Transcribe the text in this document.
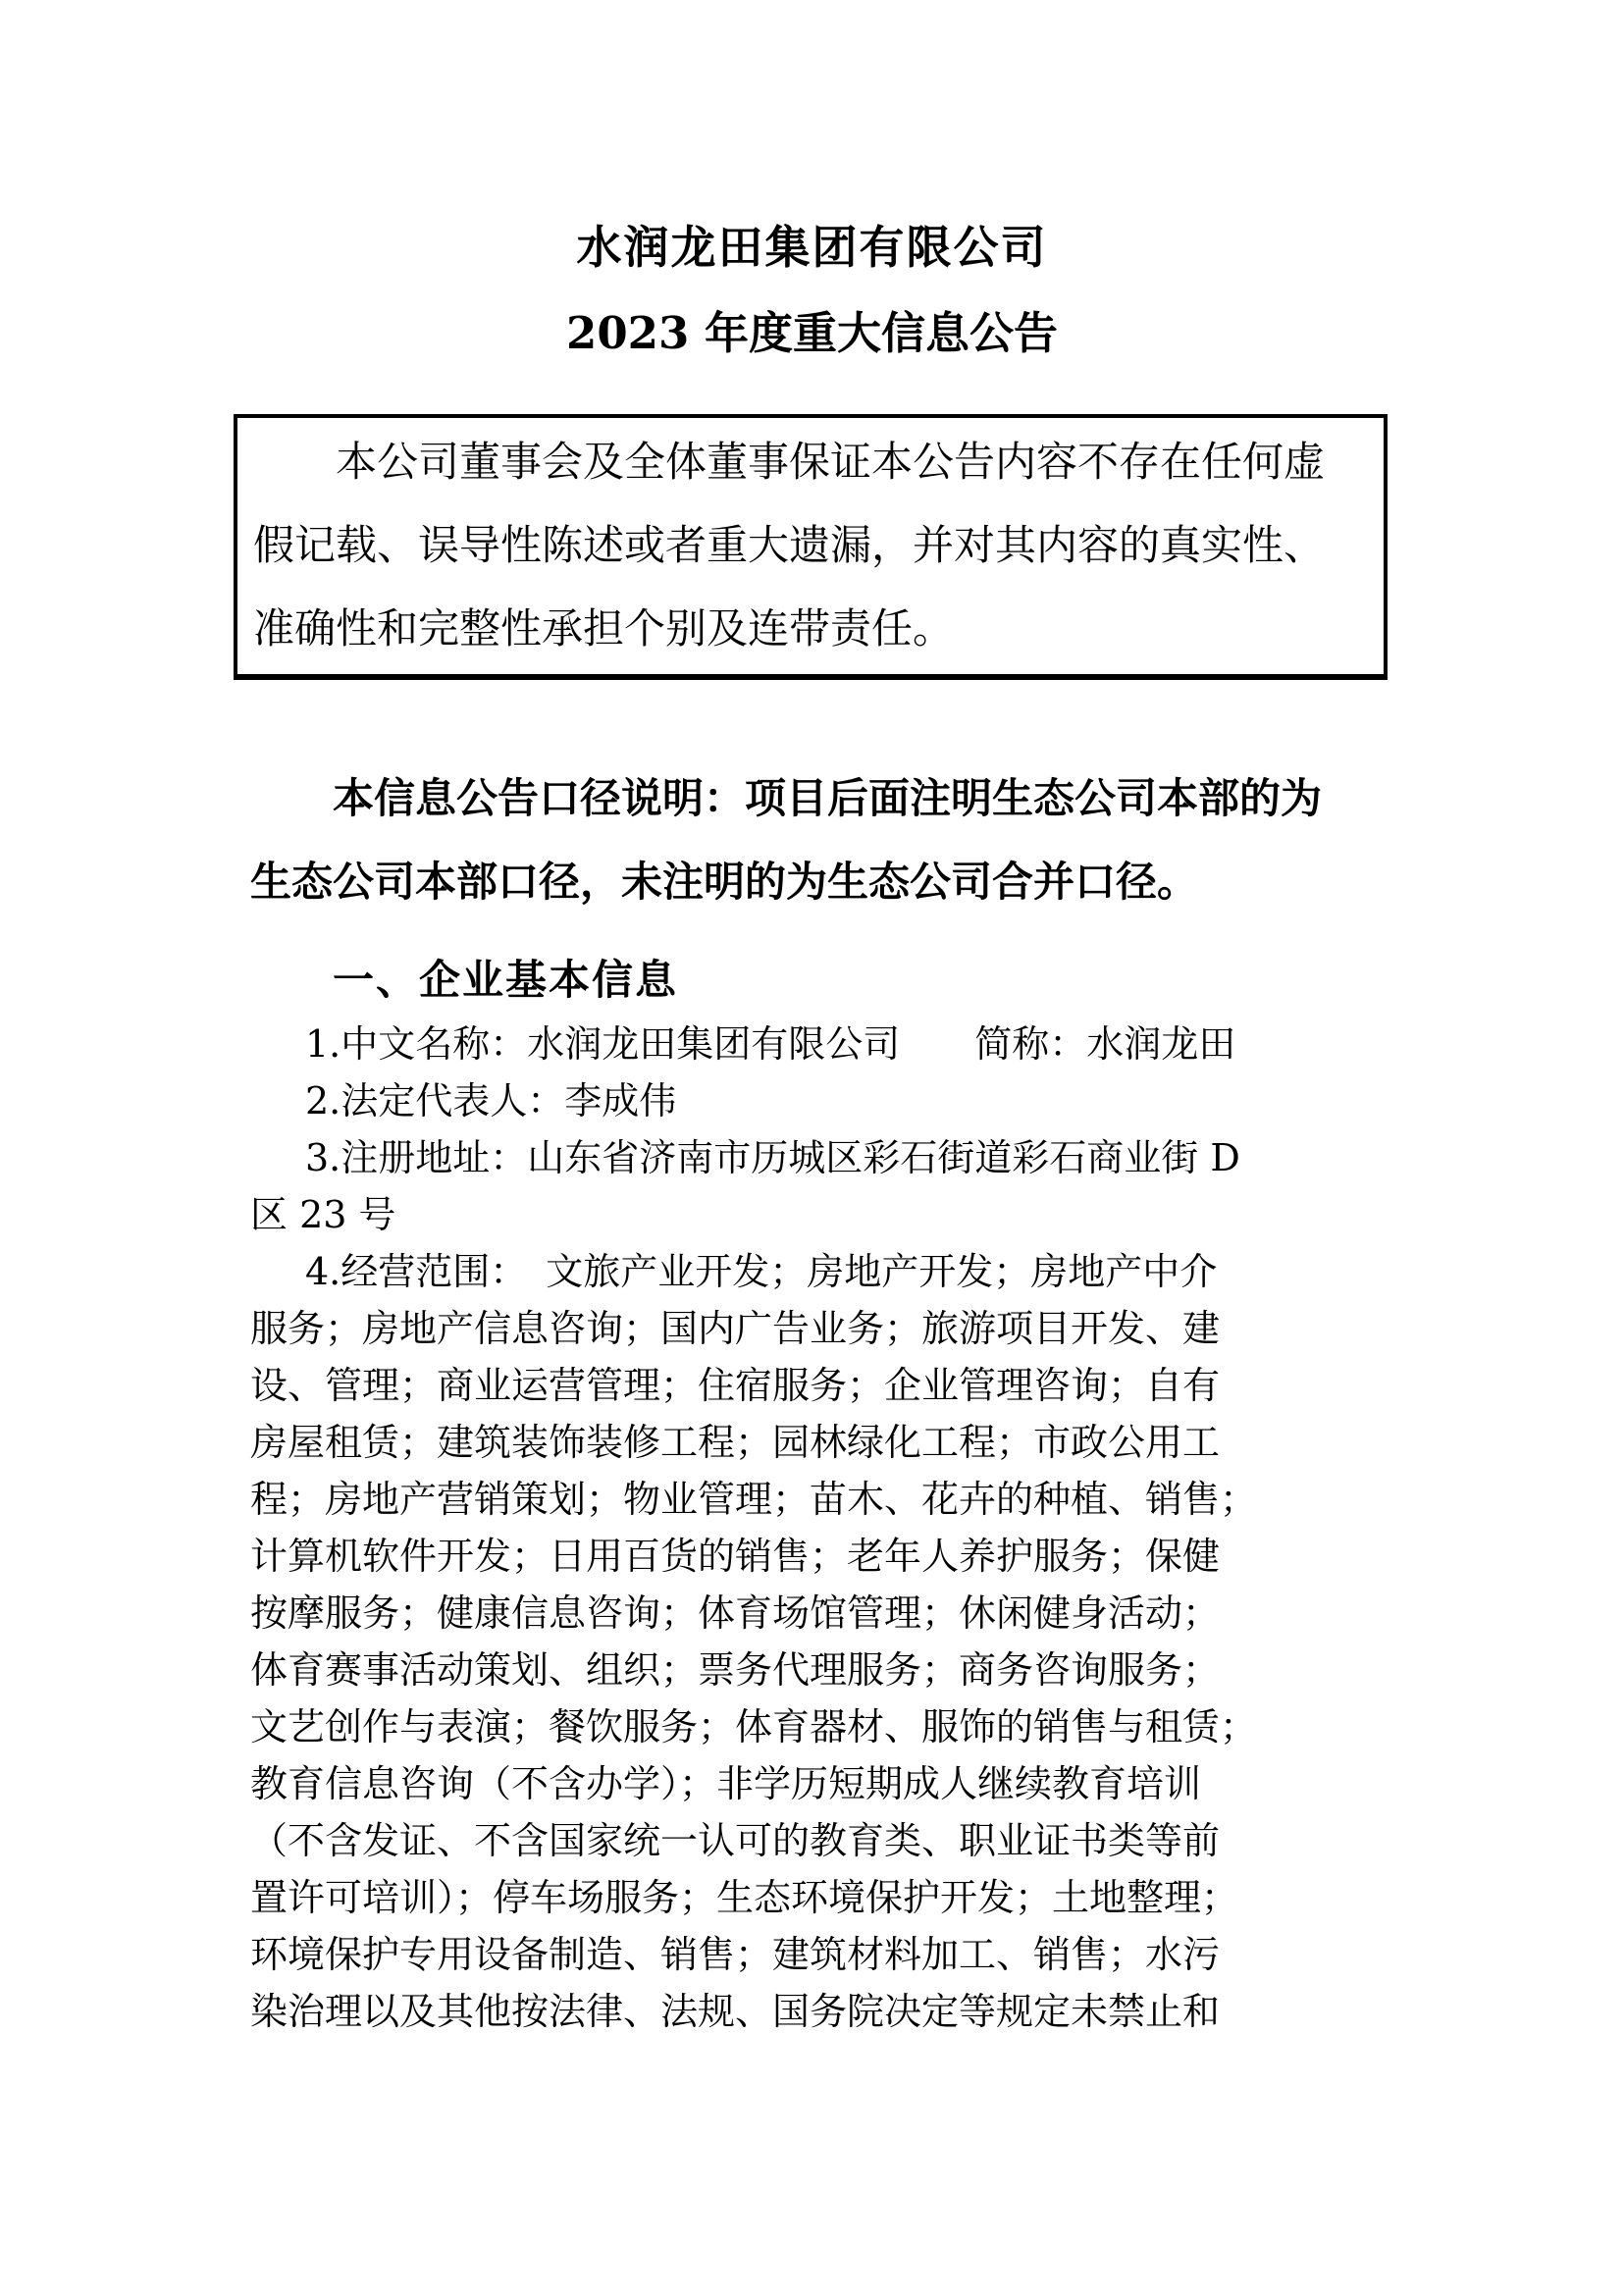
水润龙田集团有限公司
2023 年度重大信息公告
本公司董事会及全体董事保证本公告内容不存在任何虚
假记载、误导性陈述或者重大遗漏，并对其内容的真实性、
准确性和完整性承担个别及连带责任。
本信息公告口径说明：项目后面注明生态公司本部的为
生态公司本部口径，未注明的为生态公司合并口径。
一、企业基本信息
1.中文名称：水润龙田集团有限公司　　简称：水润龙田
2.法定代表人：李成伟
3.注册地址：山东省济南市历城区彩石街道彩石商业街 D
区 23 号
4.经营范围：　文旅产业开发；房地产开发；房地产中介
服务；房地产信息咨询；国内广告业务；旅游项目开发、建
设、管理；商业运营管理；住宿服务；企业管理咨询；自有
房屋租赁；建筑装饰装修工程；园林绿化工程；市政公用工
程；房地产营销策划；物业管理；苗木、花卉的种植、销售；
计算机软件开发；日用百货的销售；老年人养护服务；保健
按摩服务；健康信息咨询；体育场馆管理；休闲健身活动；
体育赛事活动策划、组织；票务代理服务；商务咨询服务；
文艺创作与表演；餐饮服务；体育器材、服饰的销售与租赁；
教育信息咨询（不含办学）；非学历短期成人继续教育培训
（不含发证、不含国家统一认可的教育类、职业证书类等前
置许可培训）；停车场服务；生态环境保护开发；土地整理；
环境保护专用设备制造、销售；建筑材料加工、销售；水污
染治理以及其他按法律、法规、国务院决定等规定未禁止和
